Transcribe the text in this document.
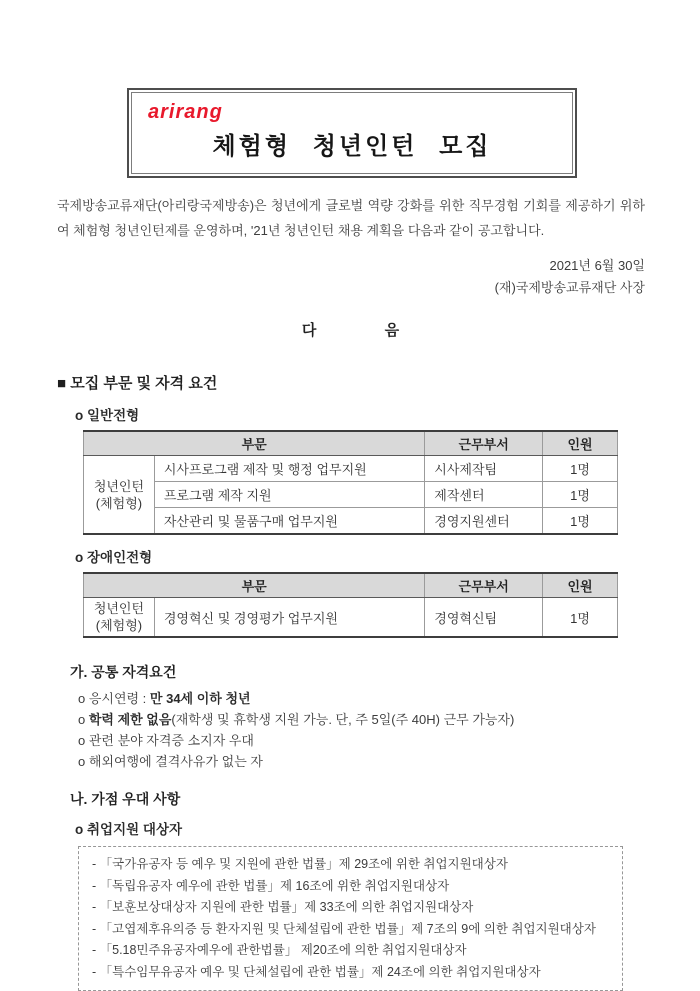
arirang
체험형 청년인턴 모집

국제방송교류재단(아리랑국제방송)은 청년에게 글로벌 역량 강화를 위한 직무경험 기회를 제공하기 위하여 체험형 청년인턴제를 운영하며, '21년 청년인턴 채용 계획을 다음과 같이 공고합니다.

2021년 6월 30일
(재)국제방송교류재단 사장
다             음
■ 모집 부문 및 자격 요건
o 일반전형
부문		근무부서	인원

청년인턴
(체험형)	시사프로그램 제작 및 행정 업무지원	시사제작팀	1명
	프로그램 제작 지원	제작센터	1명
	자산관리 및 물품구매 업무지원	경영지원센터	1명
o 장애인전형
부문		근무부서	인원

청년인턴
(체험형)	경영혁신 및 경영평가 업무지원	경영혁신팀	1명
가. 공통 자격요건
o 응시연령 : 만 34세 이하 청년
o 학력 제한 없음(재학생 및 휴학생 지원 가능. 단, 주 5일(주 40H) 근무 가능자)
o 관련 분야 자격증 소지자 우대
o 해외여행에 결격사유가 없는 자
나. 가점 우대 사항
o 취업지원 대상자
- 「국가유공자 등 예우 및 지원에 관한 법률」제 29조에 위한 취업지원대상자
- 「독립유공자 예우에 관한 법률」제 16조에 위한 취업지원대상자
- 「보훈보상대상자 지원에 관한 법률」제 33조에 의한 취업지원대상자
- 「고엽제후유의증 등 환자지원 및 단체설립에 관한 법률」제 7조의 9에 의한 취업지원대상자
- 「5.18민주유공자예우에 관한법률」 제20조에 의한 취업지원대상자
- 「특수임무유공자 예우 및 단체설립에 관한 법률」제 24조에 의한 취업지원대상자
